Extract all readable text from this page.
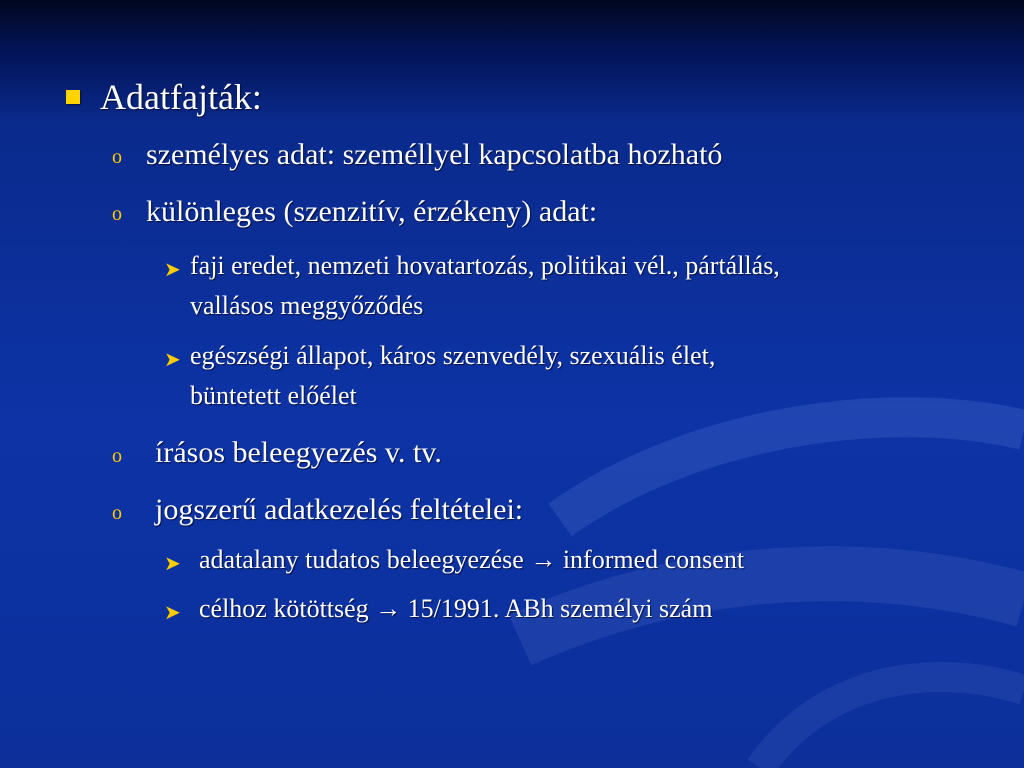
Adatfajták:
o személyes adat: személlyel kapcsolatba hozható
o különleges (szenzitív, érzékeny) adat:
➤ faji eredet, nemzeti hovatartozás, politikai vél., pártállás,
vallásos meggyőződés
➤ egészségi állapot, káros szenvedély, szexuális élet,
büntetett előélet
o írásos beleegyezés v. tv.
o jogszerű adatkezelés feltételei:
➤ adatalany tudatos beleegyezése → informed consent
➤ célhoz kötöttség → 15/1991. ABh személyi szám
